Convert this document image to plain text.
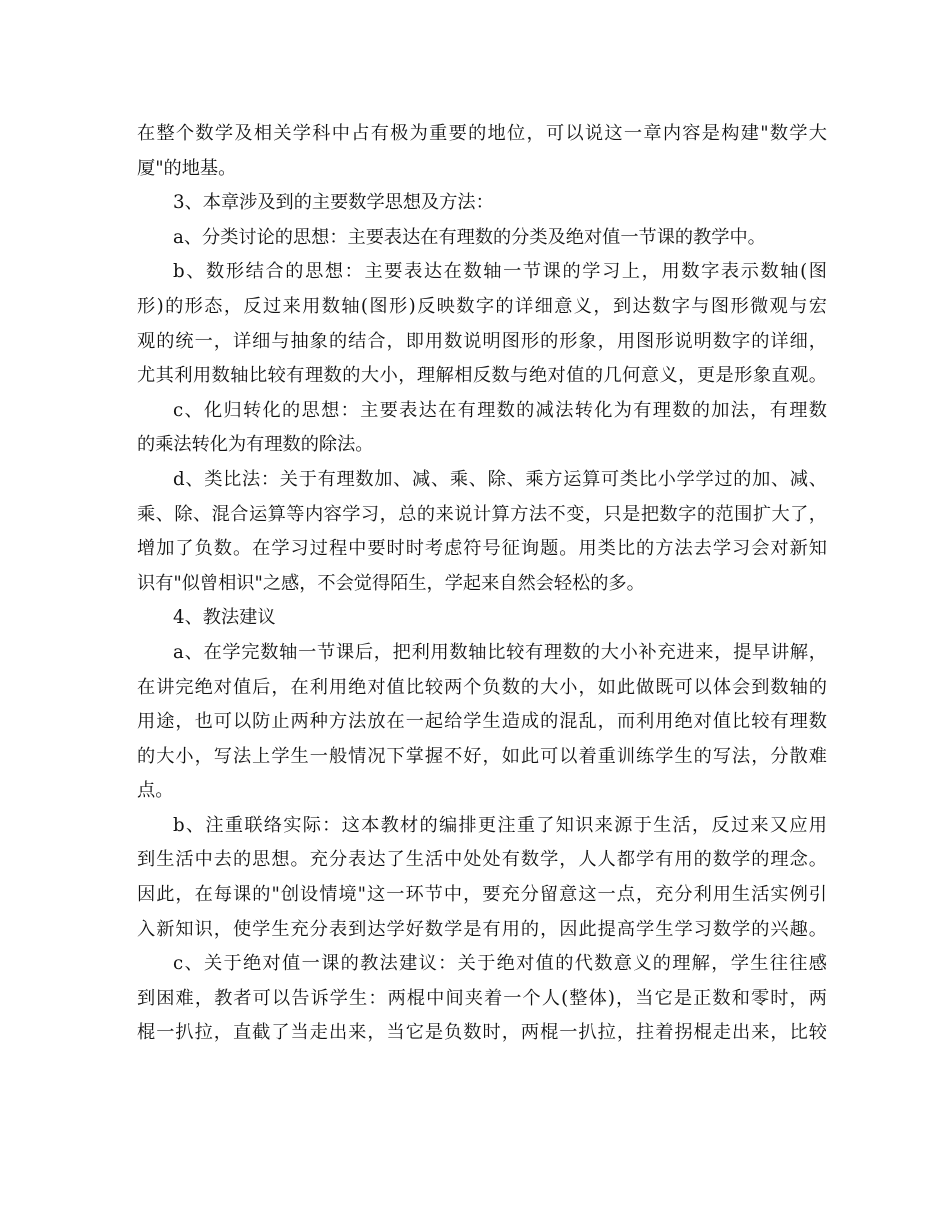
在整个数学及相关学科中占有极为重要的地位，可以说这一章内容是构建"数学大
厦"的地基。
3、本章涉及到的主要数学思想及方法：
a、分类讨论的思想：主要表达在有理数的分类及绝对值一节课的教学中。
b、数形结合的思想：主要表达在数轴一节课的学习上，用数字表示数轴(图
形)的形态，反过来用数轴(图形)反映数字的详细意义，到达数字与图形微观与宏
观的统一，详细与抽象的结合，即用数说明图形的形象，用图形说明数字的详细，
尤其利用数轴比较有理数的大小，理解相反数与绝对值的几何意义，更是形象直观。
c、化归转化的思想：主要表达在有理数的减法转化为有理数的加法，有理数
的乘法转化为有理数的除法。
d、类比法：关于有理数加、减、乘、除、乘方运算可类比小学学过的加、减、
乘、除、混合运算等内容学习，总的来说计算方法不变，只是把数字的范围扩大了，
增加了负数。在学习过程中要时时考虑符号征询题。用类比的方法去学习会对新知
识有"似曾相识"之感，不会觉得陌生，学起来自然会轻松的多。
4、教法建议
a、在学完数轴一节课后，把利用数轴比较有理数的大小补充进来，提早讲解，
在讲完绝对值后，在利用绝对值比较两个负数的大小，如此做既可以体会到数轴的
用途，也可以防止两种方法放在一起给学生造成的混乱，而利用绝对值比较有理数
的大小，写法上学生一般情况下掌握不好，如此可以着重训练学生的写法，分散难
点。
b、注重联络实际：这本教材的编排更注重了知识来源于生活，反过来又应用
到生活中去的思想。充分表达了生活中处处有数学，人人都学有用的数学的理念。
因此，在每课的"创设情境"这一环节中，要充分留意这一点，充分利用生活实例引
入新知识，使学生充分表到达学好数学是有用的，因此提高学生学习数学的兴趣。
c、关于绝对值一课的教法建议：关于绝对值的代数意义的理解，学生往往感
到困难，教者可以告诉学生：两棍中间夹着一个人(整体)，当它是正数和零时，两
棍一扒拉，直截了当走出来，当它是负数时，两棍一扒拉，拄着拐棍走出来，比较
